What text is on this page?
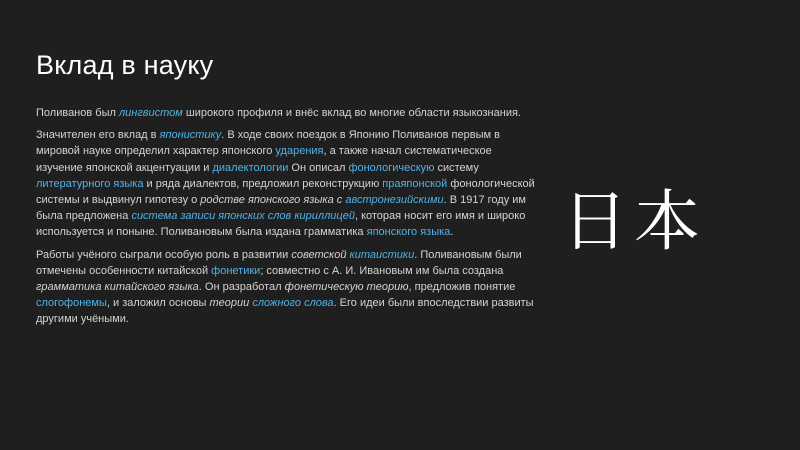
Вклад в науку

Поливанов был лингвистом широкого профиля и внёс вклад во многие области языкознания.

Значителен его вклад в японистику. В ходе своих поездок в Японию Поливанов первым в мировой науке определил характер японского ударения, а также начал систематическое изучение японской акцентуации и диалектологии Он описал фонологическую систему литературного языка и ряда диалектов, предложил реконструкцию праяпонской фонологической системы и выдвинул гипотезу о родстве японского языка с австронезийскими. В 1917 году им была предложена система записи японских слов кириллицей, которая носит его имя и широко используется и поныне. Поливановым была издана грамматика японского языка.

Работы учёного сыграли особую роль в развитии советской китаистики. Поливановым были отмечены особенности китайской фонетики; совместно с А. И. Ивановым им была создана грамматика китайского языка. Он разработал фонетическую теорию, предложив понятие слогофонемы, и заложил основы теории сложного слова. Его идеи были впоследствии развиты другими учёными.

日本
